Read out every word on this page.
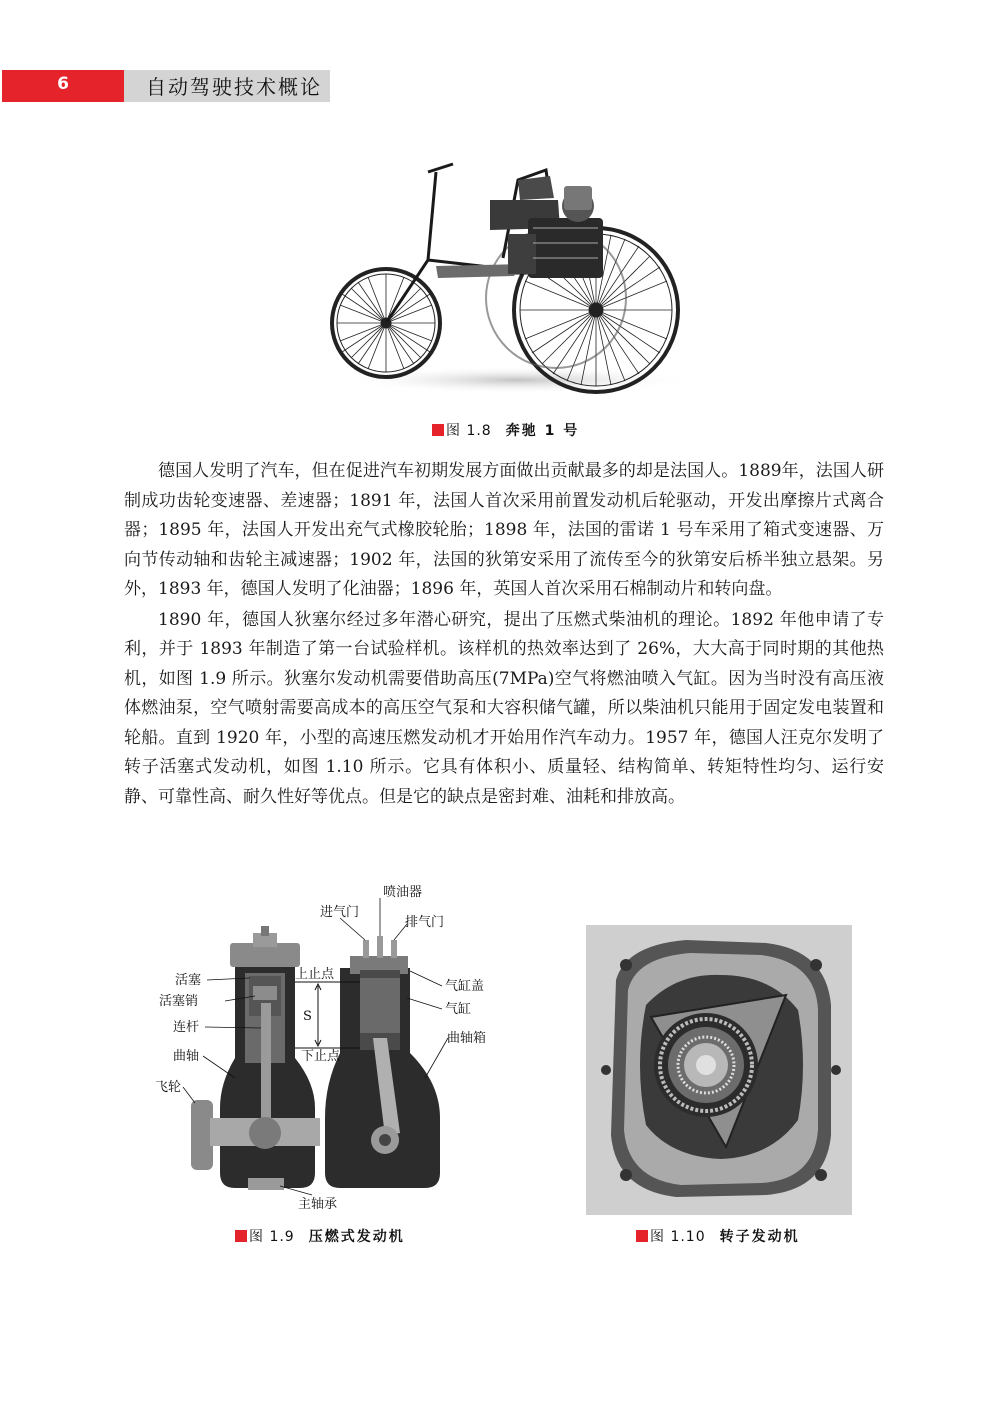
6	自动驾驶技术概论
图 1.8 奔驰 1 号

德国人发明了汽车，但在促进汽车初期发展方面做出贡献最多的却是法国人。1889年，法国人研制成功齿轮变速器、差速器；1891 年，法国人首次采用前置发动机后轮驱动，开发出摩擦片式离合器；1895 年，法国人开发出充气式橡胶轮胎；1898 年，法国的雷诺 1 号车采用了箱式变速器、万向节传动轴和齿轮主减速器；1902 年，法国的狄第安采用了流传至今的狄第安后桥半独立悬架。另外，1893 年，德国人发明了化油器；1896 年，英国人首次采用石棉制动片和转向盘。

1890 年，德国人狄塞尔经过多年潜心研究，提出了压燃式柴油机的理论。1892 年他申请了专利，并于 1893 年制造了第一台试验样机。该样机的热效率达到了 26%，大大高于同时期的其他热机，如图 1.9 所示。狄塞尔发动机需要借助高压(7MPa)空气将燃油喷入气缸。因为当时没有高压液体燃油泵，空气喷射需要高成本的高压空气泵和大容积储气罐，所以柴油机只能用于固定发电装置和轮船。直到 1920 年，小型的高速压燃发动机才开始用作汽车动力。1957 年，德国人汪克尔发明了转子活塞式发动机，如图 1.10 所示。它具有体积小、质量轻、结构简单、转矩特性均匀、运行安静、可靠性高、耐久性好等优点。但是它的缺点是密封难、油耗和排放高。

喷油器
进气门
排气门
活塞	上止点
气缸盖
活塞销
气缸
S
连杆
曲轴箱
曲轴	下止点
飞轮
主轴承
图 1.9 压燃式发动机	图 1.10 转子发动机
